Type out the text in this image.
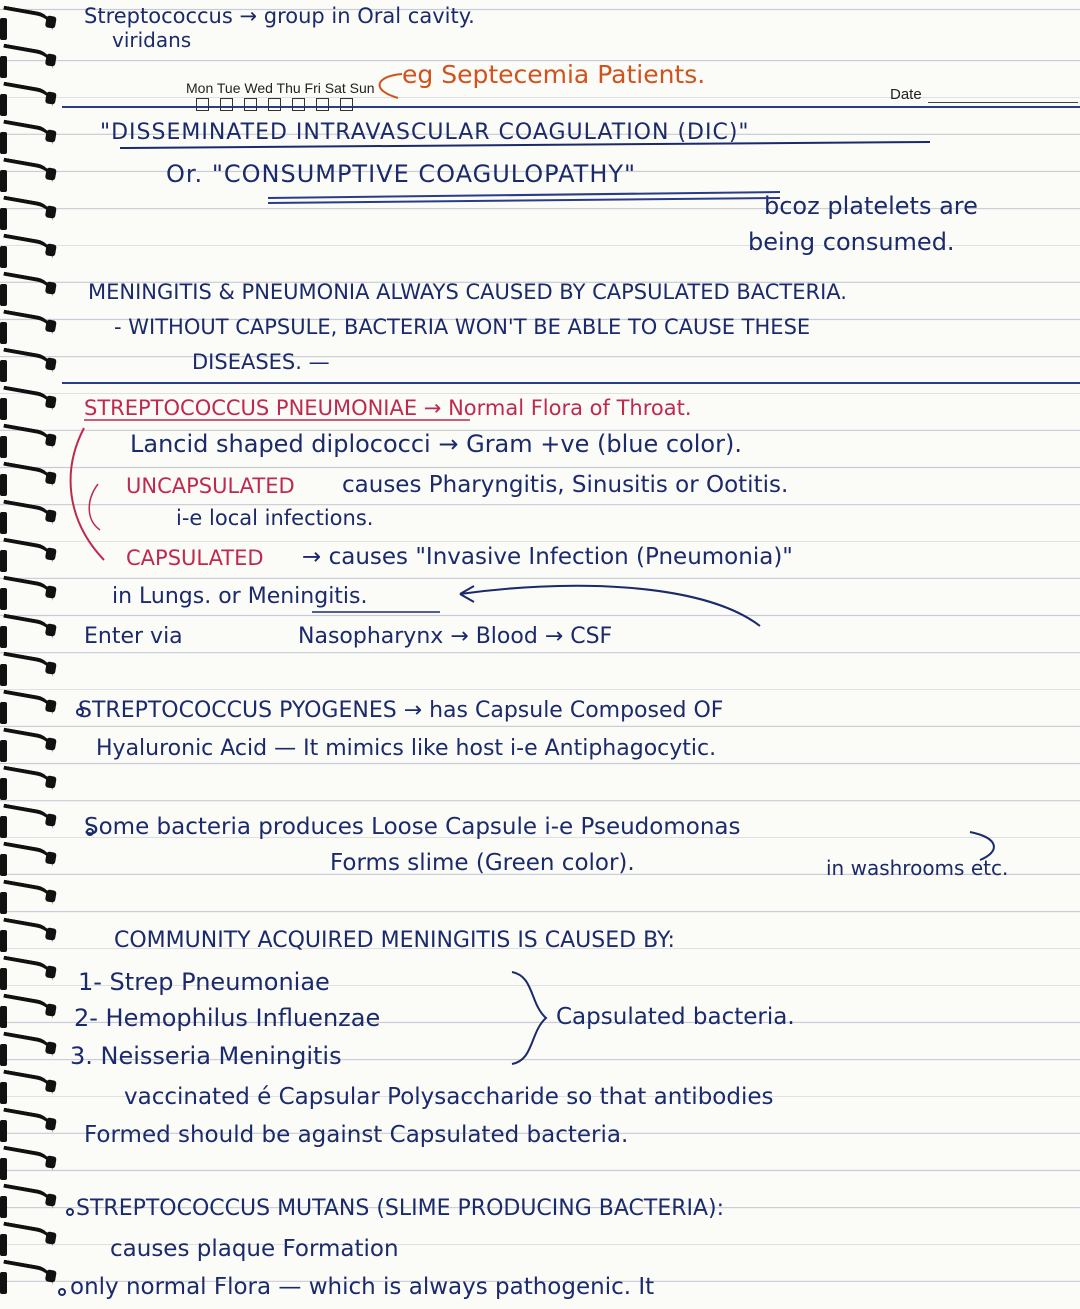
Mon Tue Wed Thu Fri Sat Sun	Date
Streptococcus → group in Oral cavity.
viridans
eg Septecemia Patients.
"DISSEMINATED INTRAVASCULAR COAGULATION (DIC)"
Or. "CONSUMPTIVE COAGULOPATHY"
bcoz platelets are
being consumed.
MENINGITIS & PNEUMONIA ALWAYS CAUSED BY CAPSULATED BACTERIA.
- WITHOUT CAPSULE, BACTERIA WON'T BE ABLE TO CAUSE THESE
DISEASES. —
STREPTOCOCCUS PNEUMONIAE → Normal Flora of Throat.
Lancid shaped diplococci → Gram +ve (blue color).
UNCAPSULATED causes Pharyngitis, Sinusitis or Ootitis.
i-e local infections.
CAPSULATED → causes "Invasive Infection (Pneumonia)"
in Lungs. or Meningitis.
Enter via	Nasopharynx → Blood → CSF
STREPTOCOCCUS PYOGENES → has Capsule Composed OF
Hyaluronic Acid — It mimics like host i-e Antiphagocytic.
Some bacteria produces Loose Capsule i-e Pseudomonas
Forms slime (Green color).	in washrooms etc.
COMMUNITY ACQUIRED MENINGITIS IS CAUSED BY:
1- Strep Pneumoniae
2- Hemophilus Influenzae
3. Neisseria Meningitis
Capsulated bacteria.
vaccinated é Capsular Polysaccharide so that antibodies
Formed should be against Capsulated bacteria.
STREPTOCOCCUS MUTANS (SLIME PRODUCING BACTERIA):
causes plaque Formation
only normal Flora — which is always pathogenic. It
